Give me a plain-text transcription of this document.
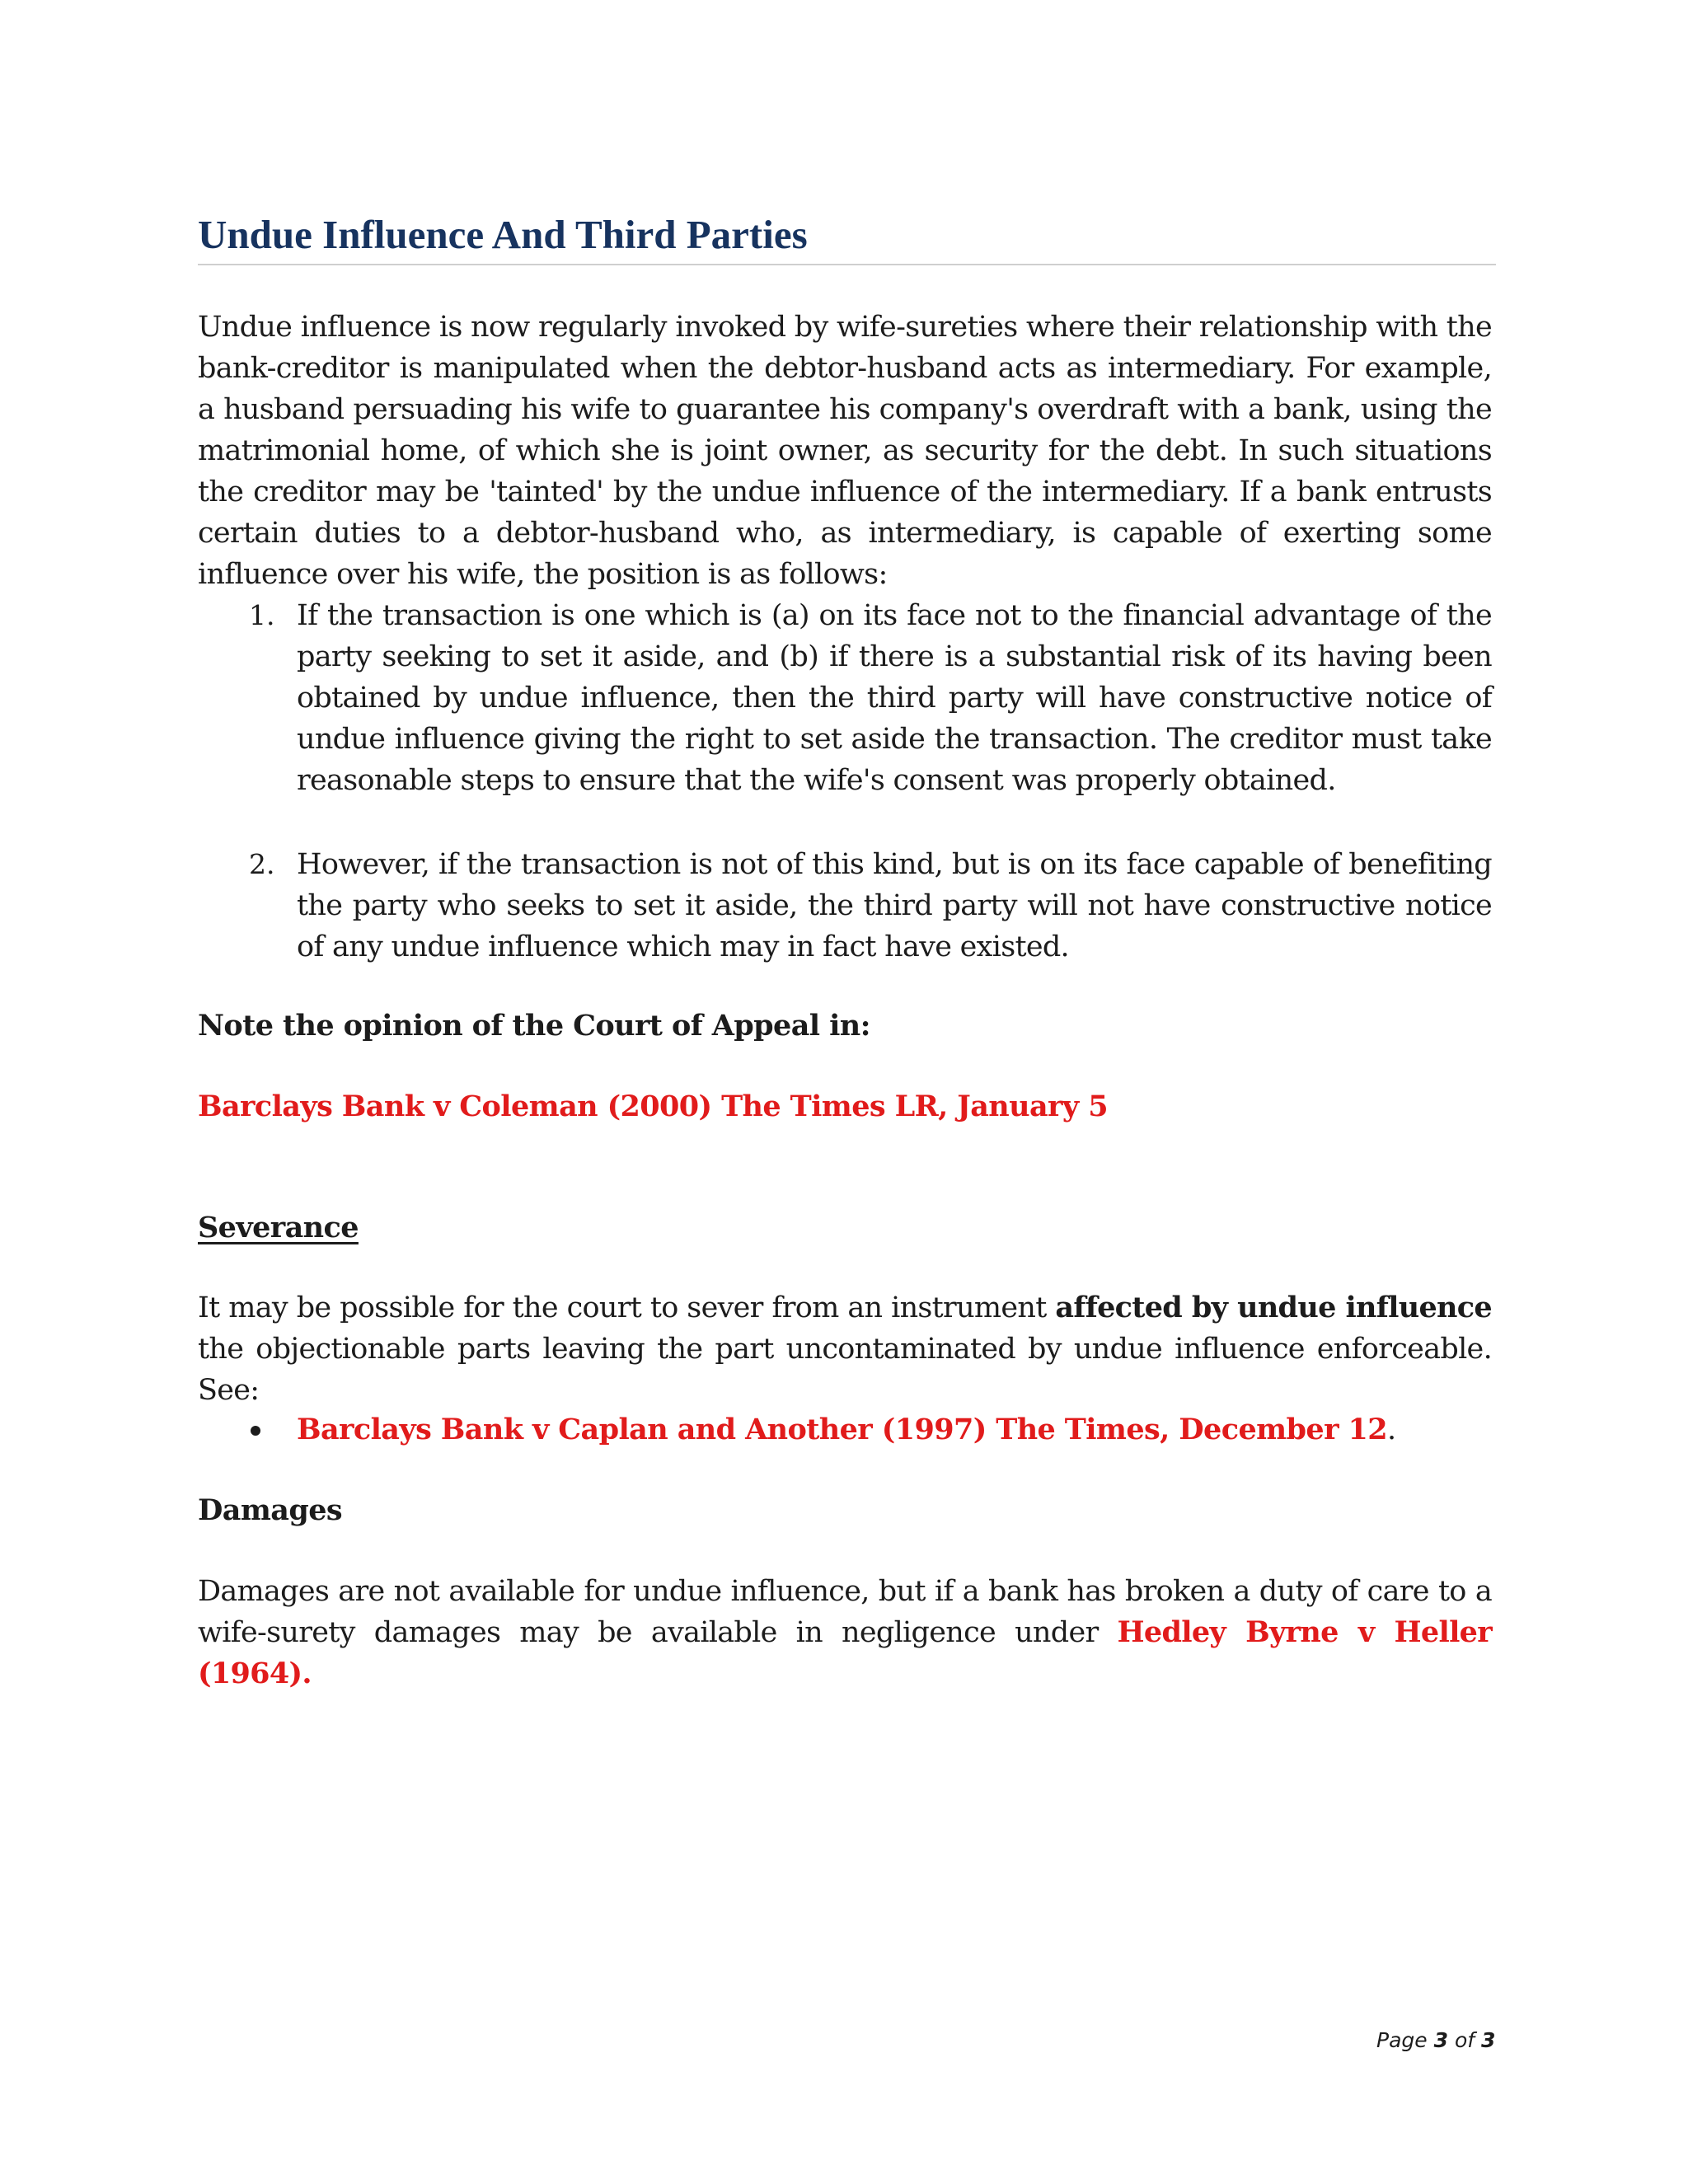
Undue Influence And Third Parties

Undue influence is now regularly invoked by wife-sureties where their relationship with the bank-creditor is manipulated when the debtor-husband acts as intermediary. For example, a husband persuading his wife to guarantee his company's overdraft with a bank, using the matrimonial home, of which she is joint owner, as security for the debt. In such situations the creditor may be 'tainted' by the undue influence of the intermediary. If a bank entrusts certain duties to a debtor-husband who, as intermediary, is capable of exerting some influence over his wife, the position is as follows:

1. If the transaction is one which is (a) on its face not to the financial advantage of the party seeking to set it aside, and (b) if there is a substantial risk of its having been obtained by undue influence, then the third party will have constructive notice of undue influence giving the right to set aside the transaction. The creditor must take reasonable steps to ensure that the wife's consent was properly obtained.

2. However, if the transaction is not of this kind, but is on its face capable of benefiting the party who seeks to set it aside, the third party will not have constructive notice of any undue influence which may in fact have existed.

Note the opinion of the Court of Appeal in:

Barclays Bank v Coleman (2000) The Times LR, January 5

Severance

It may be possible for the court to sever from an instrument affected by undue influence the objectionable parts leaving the part uncontaminated by undue influence enforceable. See:

Barclays Bank v Caplan and Another (1997) The Times, December 12.

Damages

Damages are not available for undue influence, but if a bank has broken a duty of care to a wife-surety damages may be available in negligence under Hedley Byrne v Heller (1964).

Page 3 of 3
